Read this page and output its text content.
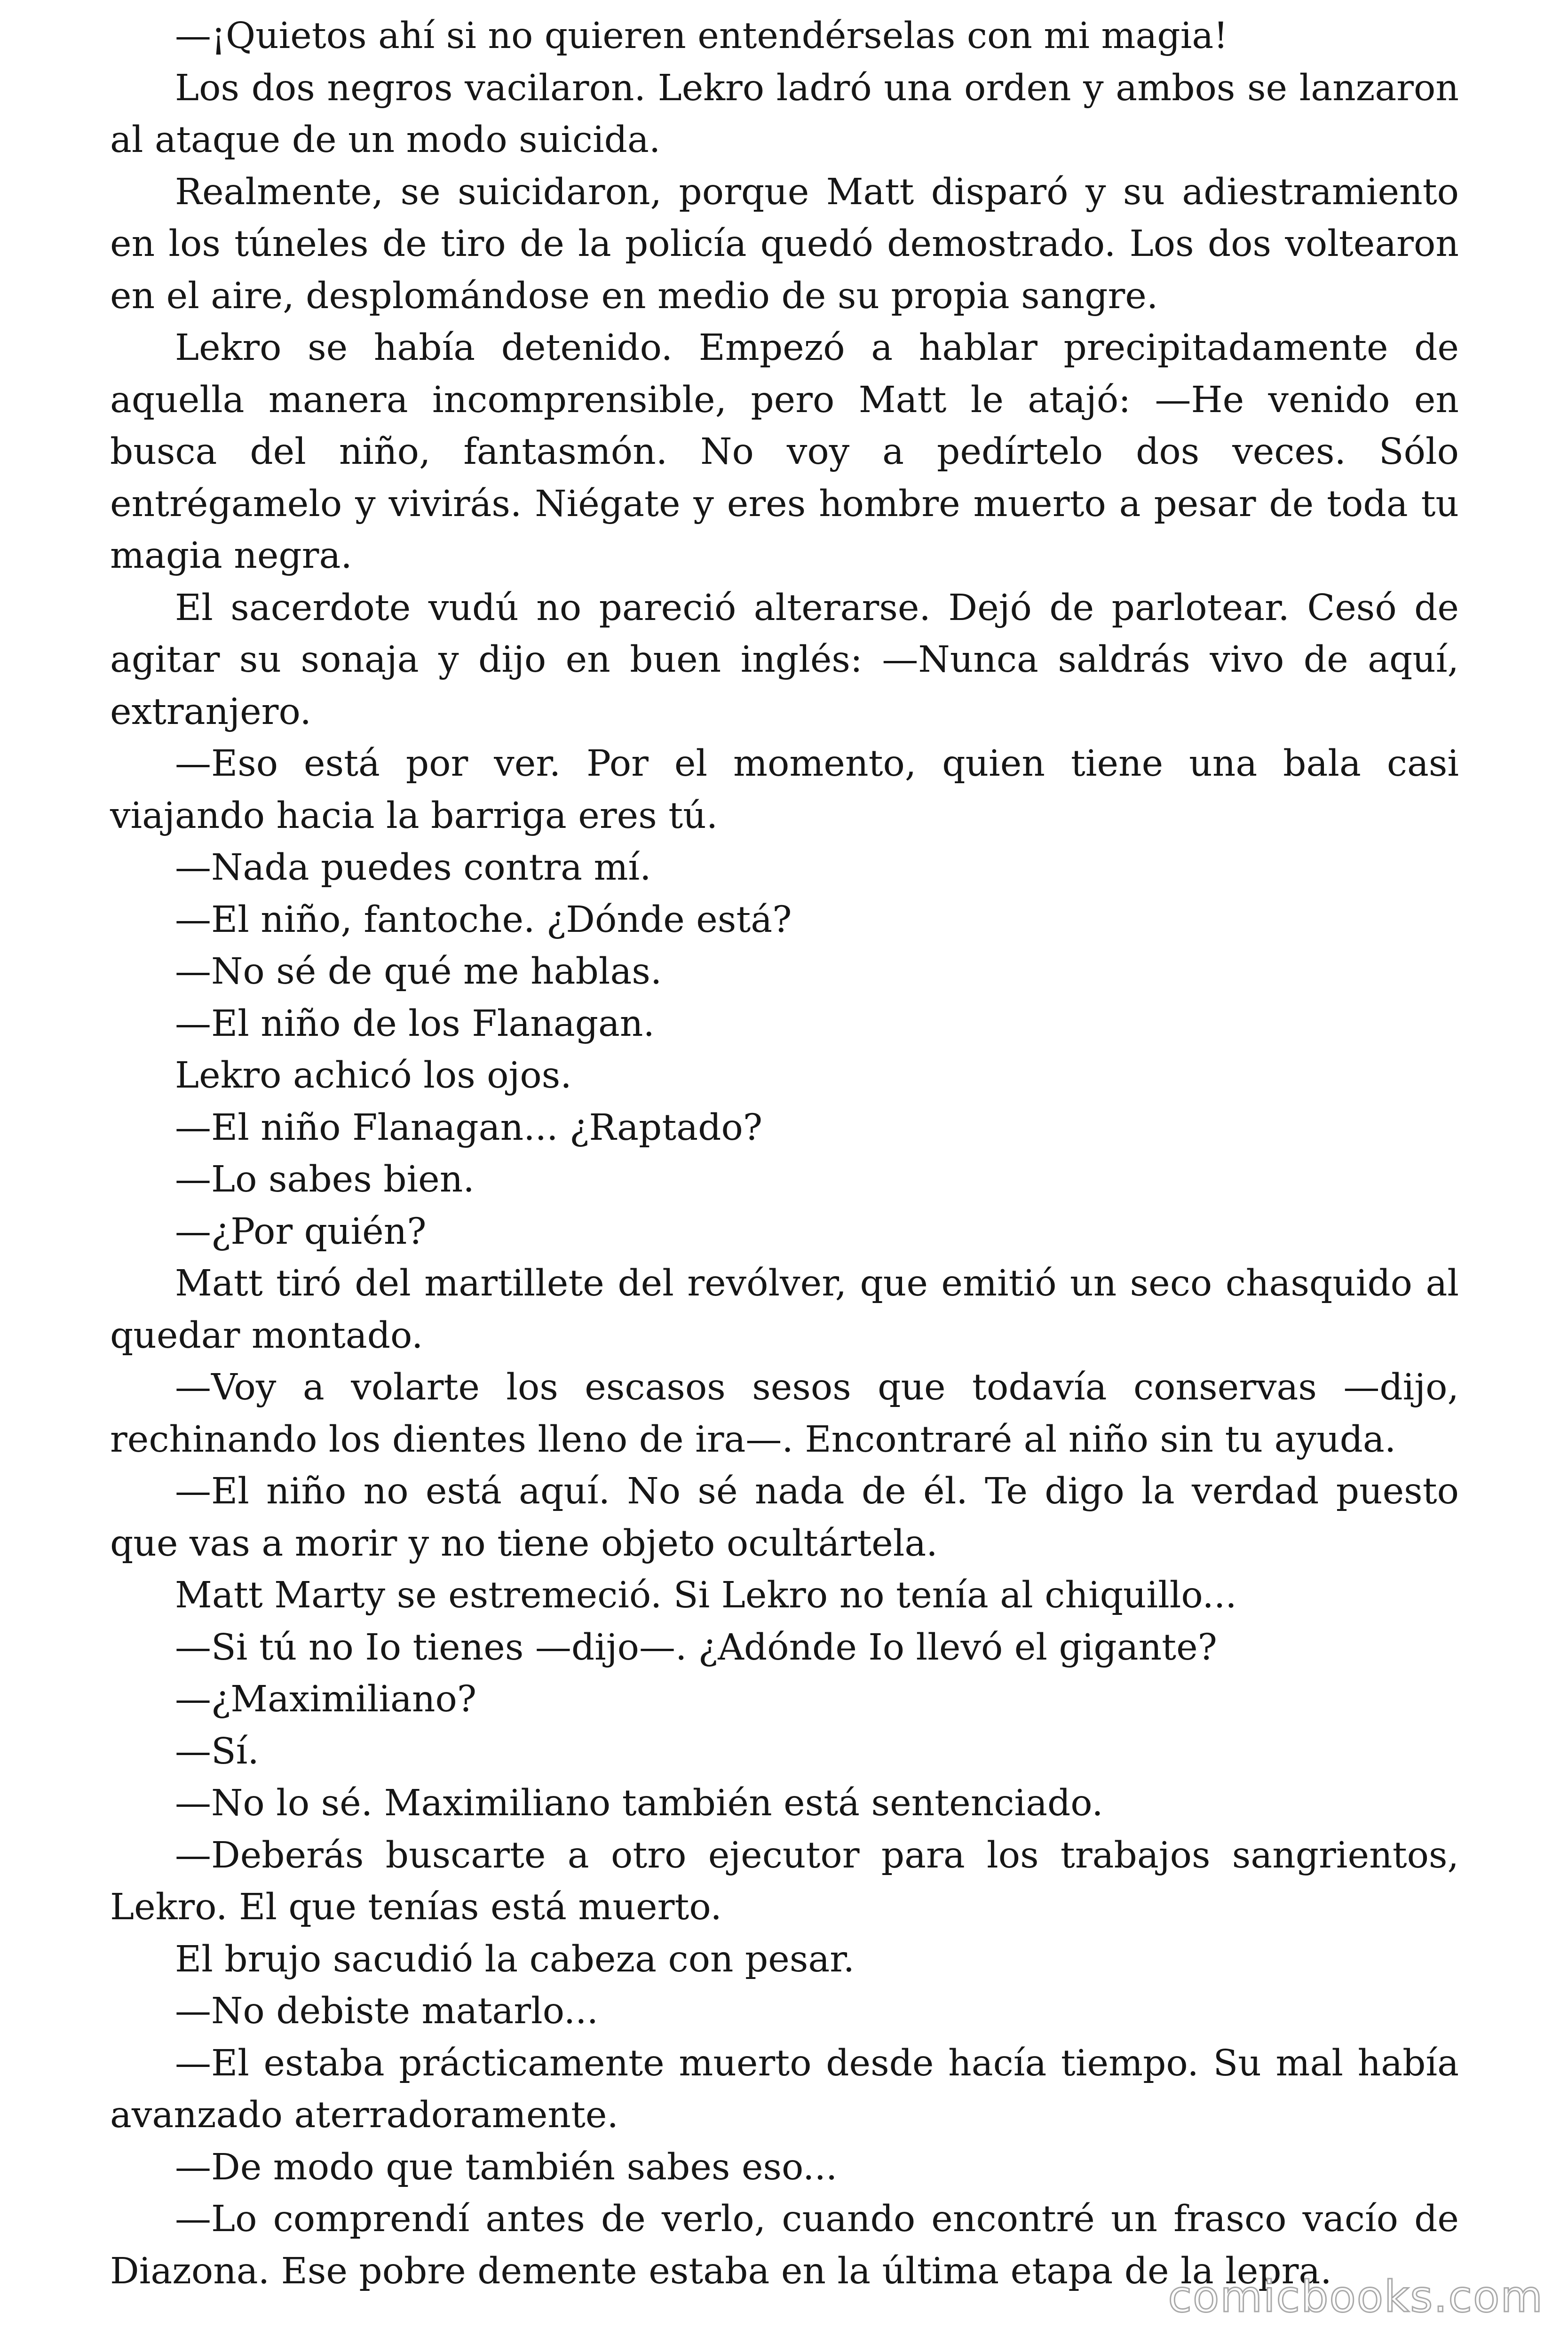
—¡Quietos ahí si no quieren entendérselas con mi magia!

Los dos negros vacilaron. Lekro ladró una orden y ambos se lanzaron al ataque de un modo suicida.

Realmente, se suicidaron, porque Matt disparó y su adiestramiento en los túneles de tiro de la policía quedó demostrado. Los dos voltearon en el aire, desplomándose en medio de su propia sangre.

Lekro se había detenido. Empezó a hablar precipitadamente de aquella manera incomprensible, pero Matt le atajó: —He venido en busca del niño, fantasmón. No voy a pedírtelo dos veces. Sólo entrégamelo y vivirás. Niégate y eres hombre muerto a pesar de toda tu magia negra.

El sacerdote vudú no pareció alterarse. Dejó de parlotear. Cesó de agitar su sonaja y dijo en buen inglés: —Nunca saldrás vivo de aquí, extranjero.

—Eso está por ver. Por el momento, quien tiene una bala casi viajando hacia la barriga eres tú.

—Nada puedes contra mí.

—El niño, fantoche. ¿Dónde está?

—No sé de qué me hablas.

—El niño de los Flanagan.

Lekro achicó los ojos.

—El niño Flanagan... ¿Raptado?

—Lo sabes bien.

—¿Por quién?

Matt tiró del martillete del revólver, que emitió un seco chasquido al quedar montado.

—Voy a volarte los escasos sesos que todavía conservas —dijo, rechinando los dientes lleno de ira—. Encontraré al niño sin tu ayuda.

—El niño no está aquí. No sé nada de él. Te digo la verdad puesto que vas a morir y no tiene objeto ocultártela.

Matt Marty se estremeció. Si Lekro no tenía al chiquillo...

—Si tú no Io tienes —dijo—. ¿Adónde Io llevó el gigante?

—¿Maximiliano?

—Sí.

—No lo sé. Maximiliano también está sentenciado.

—Deberás buscarte a otro ejecutor para los trabajos sangrientos, Lekro. El que tenías está muerto.

El brujo sacudió la cabeza con pesar.

—No debiste matarlo...

—El estaba prácticamente muerto desde hacía tiempo. Su mal había avanzado aterradoramente.

—De modo que también sabes eso...

—Lo comprendí antes de verlo, cuando encontré un frasco vacío de Diazona. Ese pobre demente estaba en la última etapa de la lepra.

comicbooks.com
